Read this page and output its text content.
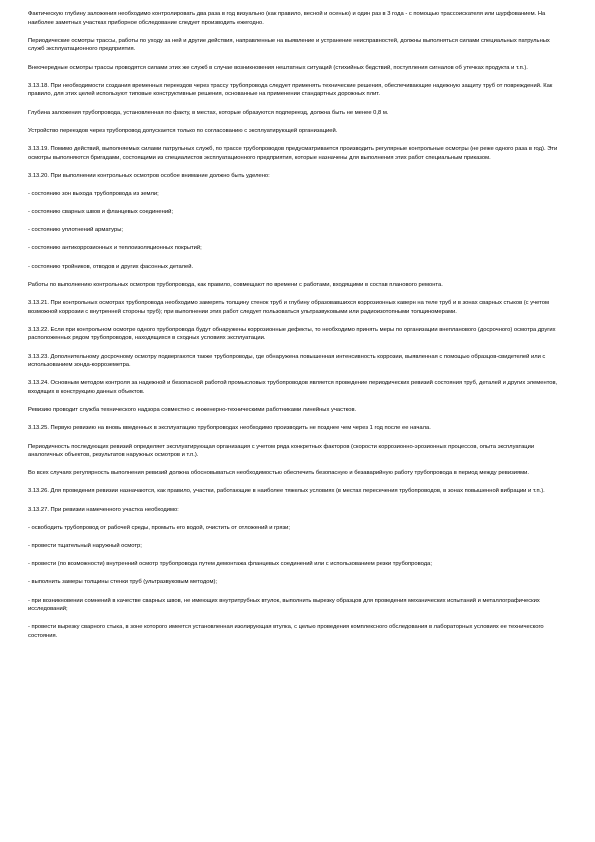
Фактическую глубину заложения необходимо контролировать два раза в год визуально (как правило, весной и осенью) и один раз в 3 года - с помощью трассоискателя или шурфованием. На наиболее заметных участках приборное обследование следует производить ежегодно.

Периодические осмотры трассы, работы по уходу за ней и другие действия, направленные на выявление и устранение неисправностей, должны выполняться силами специальных патрульных служб эксплуатационного предприятия.

Внеочередные осмотры трассы проводятся силами этих же служб в случае возникновения нештатных ситуаций (стихийных бедствий, поступления сигналов об утечках продукта и т.п.).

3.13.18. При необходимости создания временных переездов через трассу трубопровода следует применять технические решения, обеспечивающие надежную защиту труб от повреждений. Как правило, для этих целей используют типовые конструктивные решения, основанные на применении стандартных дорожных плит.

Глубина заложения трубопровода, установленная по факту, в местах, которые образуются подпереезд, должна быть не менее 0,8 м.

Устройство переездов через трубопровод допускается только по согласованию с эксплуатирующей организацией.

3.13.19. Помимо действий, выполняемых силами патрульных служб, по трассе трубопроводов предусматривается производить регулярные контрольные осмотры (не реже одного раза в год). Эти осмотры выполняются бригадами, состоящими из специалистов эксплуатационного предприятия, которые назначены для выполнения этих работ специальным приказом.

3.13.20. При выполнении контрольных осмотров особое внимание должно быть уделено:

- состоянию зон выхода трубопровода из земли;

- состоянию сварных швов и фланцевых соединений;

- состоянию уплотнений арматуры;

- состоянию антикоррозионных и теплоизоляционных покрытий;

- состоянию тройников, отводов и других фасонных деталей.

Работы по выполнению контрольных осмотров трубопровода, как правило, совмещают по времени с работами, входящими в состав планового ремонта.

3.13.21. При контрольных осмотрах трубопровода необходимо замерять толщину стенок труб и глубину образовавшихся коррозионных каверн на теле труб и в зонах сварных стыков (с учетом возможной коррозии с внутренней стороны труб); при выполнении этих работ следует пользоваться ультразвуковыми или радиоизотопными толщиномерами.

3.13.22. Если при контрольном осмотре одного трубопровода будут обнаружены коррозионные дефекты, то необходимо принять меры по организации внепланового (досрочного) осмотра других расположенных рядом трубопроводов, находящихся в сходных условиях эксплуатации.

3.13.23. Дополнительному досрочному осмотру подвергаются также трубопроводы, где обнаружена повышенная интенсивность коррозии, выявленная с помощью образцов-свидетелей или с использованием зонда-корроземетра.

3.13.24. Основным методом контроля за надежной и безопасной работой промысловых трубопроводов является проведение периодических ревизий состояния труб, деталей и других элементов, входящих в конструкцию данных объектов.

Ревизию проводит служба технического надзора совместно с инженерно-техническими работниками линейных участков.

3.13.25. Первую ревизию на вновь введенных в эксплуатацию трубопроводах необходимо производить не позднее чем через 1 год после ее начала.

Периодичность последующих ревизий определяет эксплуатирующая организация с учетом ряда конкретных факторов (скорости коррозионно-эрозионных процессов, опыта эксплуатации аналогичных объектов, результатов наружных осмотров и т.п.).

Во всех случаях регулярность выполнения ревизий должна обосновываться необходимостью обеспечить безопасную и безаварийную работу трубопровода в период между ревизиями.

3.13.26. Для проведения ревизии назначаются, как правило, участки, работающие в наиболее тяжелых условиях (в местах пересечения трубопроводов, в зонах повышенной вибрации и т.п.).

3.13.27. При ревизии намеченного участка необходимо:

- освободить трубопровод от рабочей среды, промыть его водой, очистить от отложений и грязи;

- провести тщательный наружный осмотр;

- провести (по возможности) внутренний осмотр трубопровода путем демонтажа фланцевых соединений или с использованием резки трубопровода;

- выполнить замеры толщины стенки труб (ультразвуковым методом);

- при возникновении сомнений в качестве сварных швов, не имеющих внутритрубных втулок, выполнить вырезку образцов для проведения механических испытаний и металлографических исследований;

- провести вырезку сварного стыка, в зоне которого имеется установленная изолирующая втулка, с целью проведения комплексного обследования в лабораторных условиях ее технического состояния.
